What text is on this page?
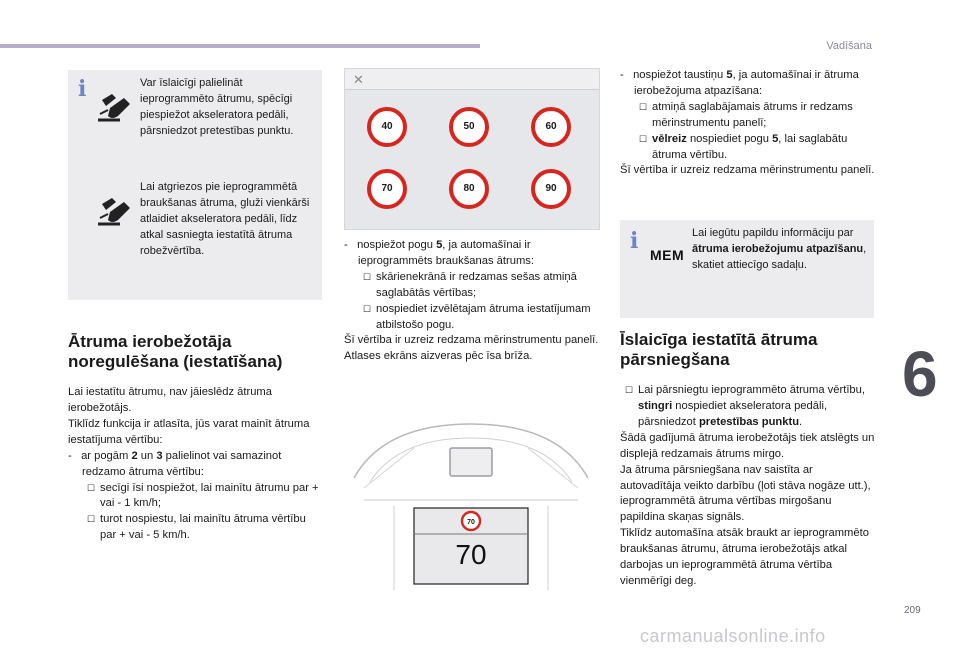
Vadīšana
6
209
carmanualsonline.info
i	Var īslaicīgi palielināt ieprogrammēto ātrumu, spēcīgi piespiežot akseleratora pedāli, pārsniedzot pretestības punktu.
Lai atgriezos pie ieprogrammētā braukšanas ātruma, gluži vienkārši atlaidiet akseleratora pedāli, līdz atkal sasniegta iestatītā ātruma robežvērtība.
Ātruma ierobežotāja noregulēšana (iestatīšana)

Lai iestatītu ātrumu, nav jāieslēdz ātruma ierobežotājs.

Tiklīdz funkcija ir atlasīta, jūs varat mainīt ātruma iestatījuma vērtību:

-   ar pogām 2 un 3 palielinot vai samazinot redzamo ātruma vērtību:

☐ secīgi īsi nospiežot, lai mainītu ātrumu par + vai - 1 km/h;

☐ turot nospiestu, lai mainītu ātruma vērtību par + vai - 5 km/h.

✕
40	50	60
70	80	90

-   nospiežot pogu 5, ja automašīnai ir ieprogrammēts braukšanas ātrums:

☐ skārienekrānā ir redzamas sešas atmiņā saglabātās vērtības;

☐ nospiediet izvēlētajam ātruma iestatījumam atbilstošo pogu.

Šī vērtība ir uzreiz redzama mērinstrumentu panelī.

Atlases ekrāns aizveras pēc īsa brīža.

70
70

-   nospiežot taustiņu 5, ja automašīnai ir ātruma ierobežojuma atpazīšana:

☐ atmiņā saglabājamais ātrums ir redzams mērinstrumentu panelī;

☐ vēlreiz nospiediet pogu 5, lai saglabātu ātruma vērtību.

Šī vērtība ir uzreiz redzama mērinstrumentu panelī.

i
MEM
Lai iegūtu papildu informāciju par ātruma ierobežojumu atpazīšanu, skatiet attiecīgo sadaļu.
Īslaicīga iestatītā ātruma pārsniegšana

☐ Lai pārsniegtu ieprogrammēto ātruma vērtību, stingri nospiediet akseleratora pedāli, pārsniedzot pretestības punktu.

Šādā gadījumā ātruma ierobežotājs tiek atslēgts un displejā redzamais ātrums mirgo.

Ja ātruma pārsniegšana nav saistīta ar autovadītāja veikto darbību (ļoti stāva nogāze utt.), ieprogrammētā ātruma vērtības mirgošanu papildina skaņas signāls.

Tiklīdz automašīna atsāk braukt ar ieprogrammēto braukšanas ātrumu, ātruma ierobežotājs atkal darbojas un ieprogrammētā ātruma vērtība vienmērīgi deg.
